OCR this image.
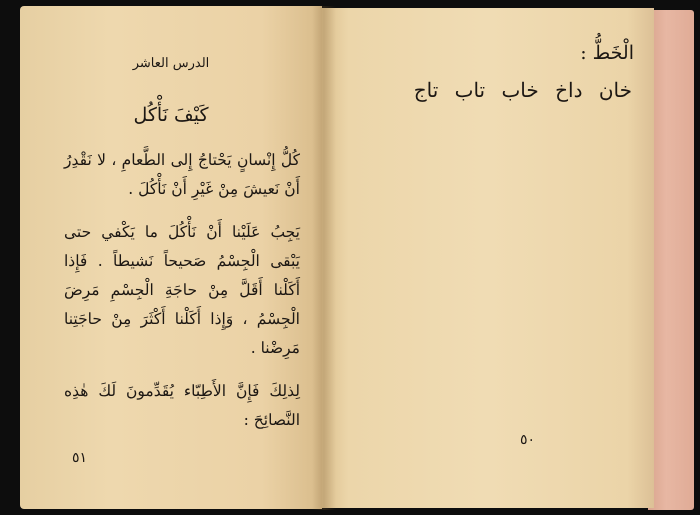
الدرس العاشر
كَيْفَ نَأْكُل

كُلُّ إِنْسانٍ يَحْتاجُ إِلى الطَّعامِ ، لا نَقْدِرُ أَنْ نَعيشَ مِنْ غَيْرِ أَنْ نَأْكُلَ .

يَجِبُ عَلَيْنا أَنْ نَأْكُلَ ما يَكْفي حتى يَبْقى الْجِسْمُ صَحيحاً نَشيطاً . فَإِذا أَكَلْنا أَقَلَّ مِنْ حاجَةِ الْجِسْمِ مَرِضَ الْجِسْمُ ، وَإِذا أَكَلْنا أَكْثَرَ مِنْ حاجَتِنا مَرِضْنا .

لِذلِكَ فَإِنَّ الأَطِبّاء يُقَدِّمونَ لَكَ هٰذِه النَّصائِحَ :

٥١
الْخَطُّ :
خان داخ خاب تاب تاج
٥٠
